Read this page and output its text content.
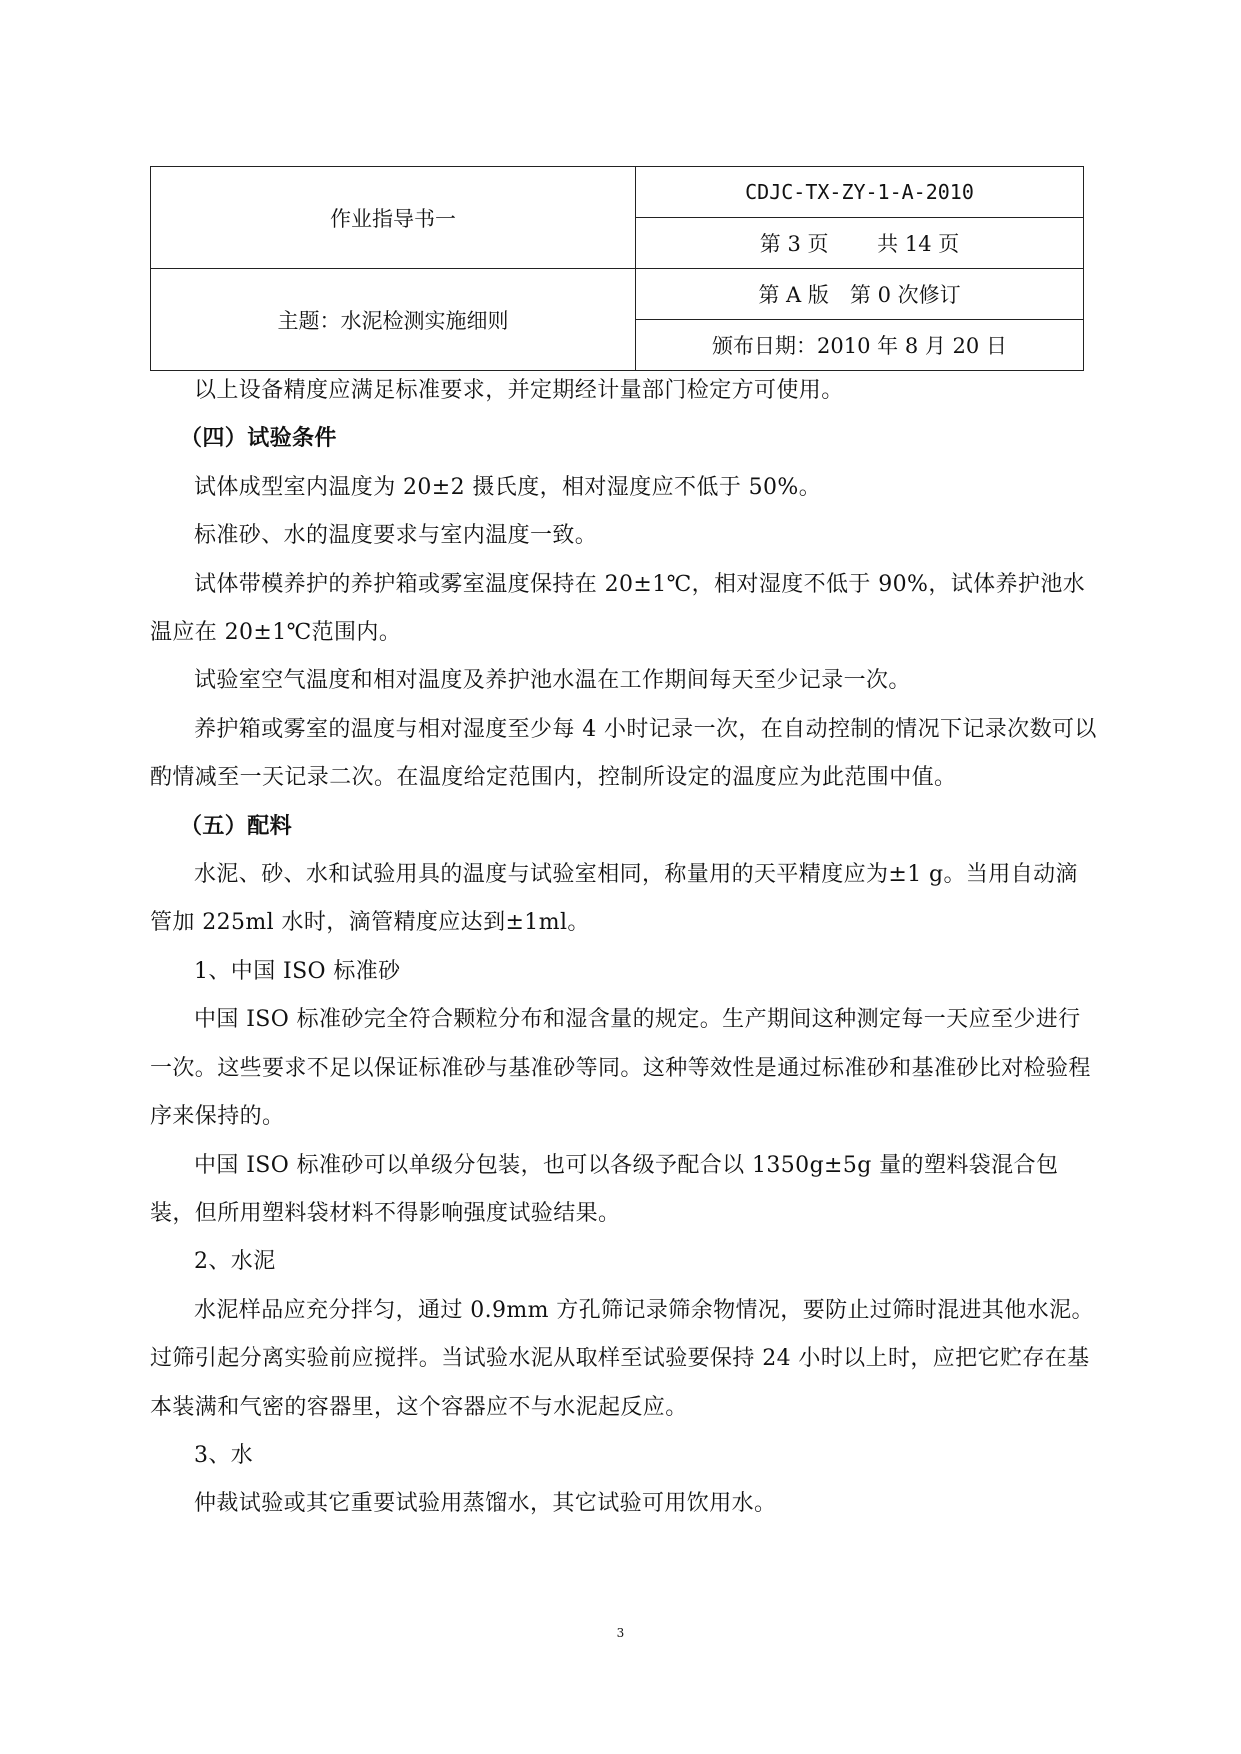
作业指导书一	CDJC-TX-ZY-1-A-2010
	第 3 页　　 共 14 页
主题：水泥检测实施细则	第 A 版　第 0 次修订
	颁布日期：2010 年 8 月 20 日

以上设备精度应满足标准要求，并定期经计量部门检定方可使用。

（四）试验条件

试体成型室内温度为 20±2 摄氏度，相对湿度应不低于 50%。

标准砂、水的温度要求与室内温度一致。

试体带模养护的养护箱或雾室温度保持在 20±1℃，相对湿度不低于 90%，试体养护池水温应在 20±1℃范围内。

试验室空气温度和相对温度及养护池水温在工作期间每天至少记录一次。

养护箱或雾室的温度与相对湿度至少每 4 小时记录一次，在自动控制的情况下记录次数可以酌情减至一天记录二次。在温度给定范围内，控制所设定的温度应为此范围中值。

（五）配料

水泥、砂、水和试验用具的温度与试验室相同，称量用的天平精度应为±1 g。当用自动滴管加 225ml 水时，滴管精度应达到±1ml。

1、中国 ISO 标准砂

中国 ISO 标准砂完全符合颗粒分布和湿含量的规定。生产期间这种测定每一天应至少进行一次。这些要求不足以保证标准砂与基准砂等同。这种等效性是通过标准砂和基准砂比对检验程序来保持的。

中国 ISO 标准砂可以单级分包装，也可以各级予配合以 1350g±5g 量的塑料袋混合包装，但所用塑料袋材料不得影响强度试验结果。

2、水泥

水泥样品应充分拌匀，通过 0.9mm 方孔筛记录筛余物情况，要防止过筛时混进其他水泥。过筛引起分离实验前应搅拌。当试验水泥从取样至试验要保持 24 小时以上时，应把它贮存在基本装满和气密的容器里，这个容器应不与水泥起反应。

3、水

仲裁试验或其它重要试验用蒸馏水，其它试验可用饮用水。

3
